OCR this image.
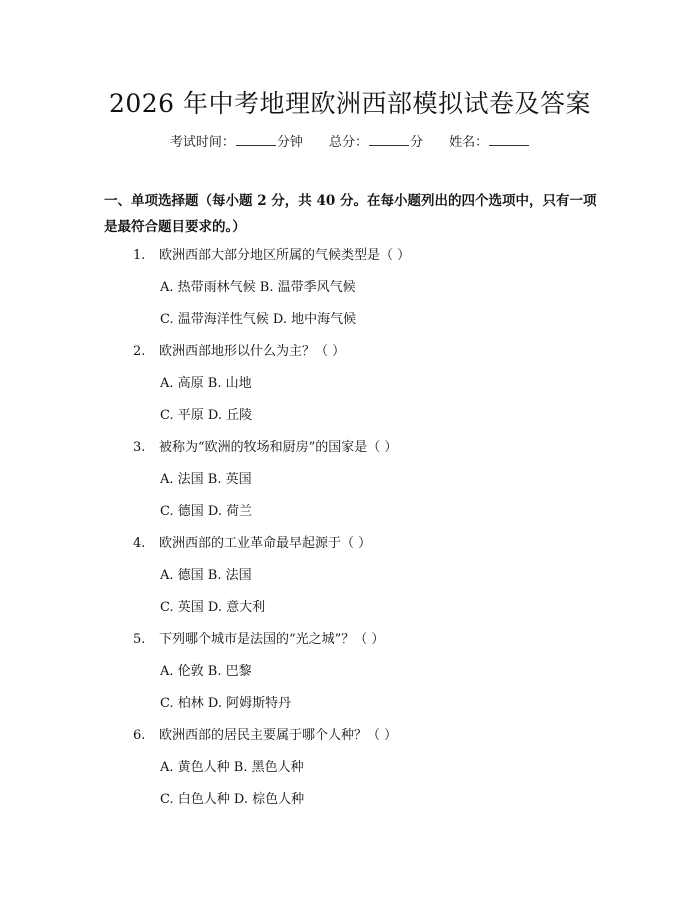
2026 年中考地理欧洲西部模拟试卷及答案
考试时间：	分钟 总分：	分 姓名：
一、单项选择题（每小题 2 分，共 40 分。在每小题列出的四个选项中，只有一项是最符合题目要求的。）
1. 欧洲西部大部分地区所属的气候类型是（ ）
A. 热带雨林气候 B. 温带季风气候
C. 温带海洋性气候 D. 地中海气候
2. 欧洲西部地形以什么为主？（ ）
A. 高原 B. 山地
C. 平原 D. 丘陵
3. 被称为“欧洲的牧场和厨房”的国家是（ ）
A. 法国 B. 英国
C. 德国 D. 荷兰
4. 欧洲西部的工业革命最早起源于（ ）
A. 德国 B. 法国
C. 英国 D. 意大利
5. 下列哪个城市是法国的“光之城”？（ ）
A. 伦敦 B. 巴黎
C. 柏林 D. 阿姆斯特丹
6. 欧洲西部的居民主要属于哪个人种？（ ）
A. 黄色人种 B. 黑色人种
C. 白色人种 D. 棕色人种
